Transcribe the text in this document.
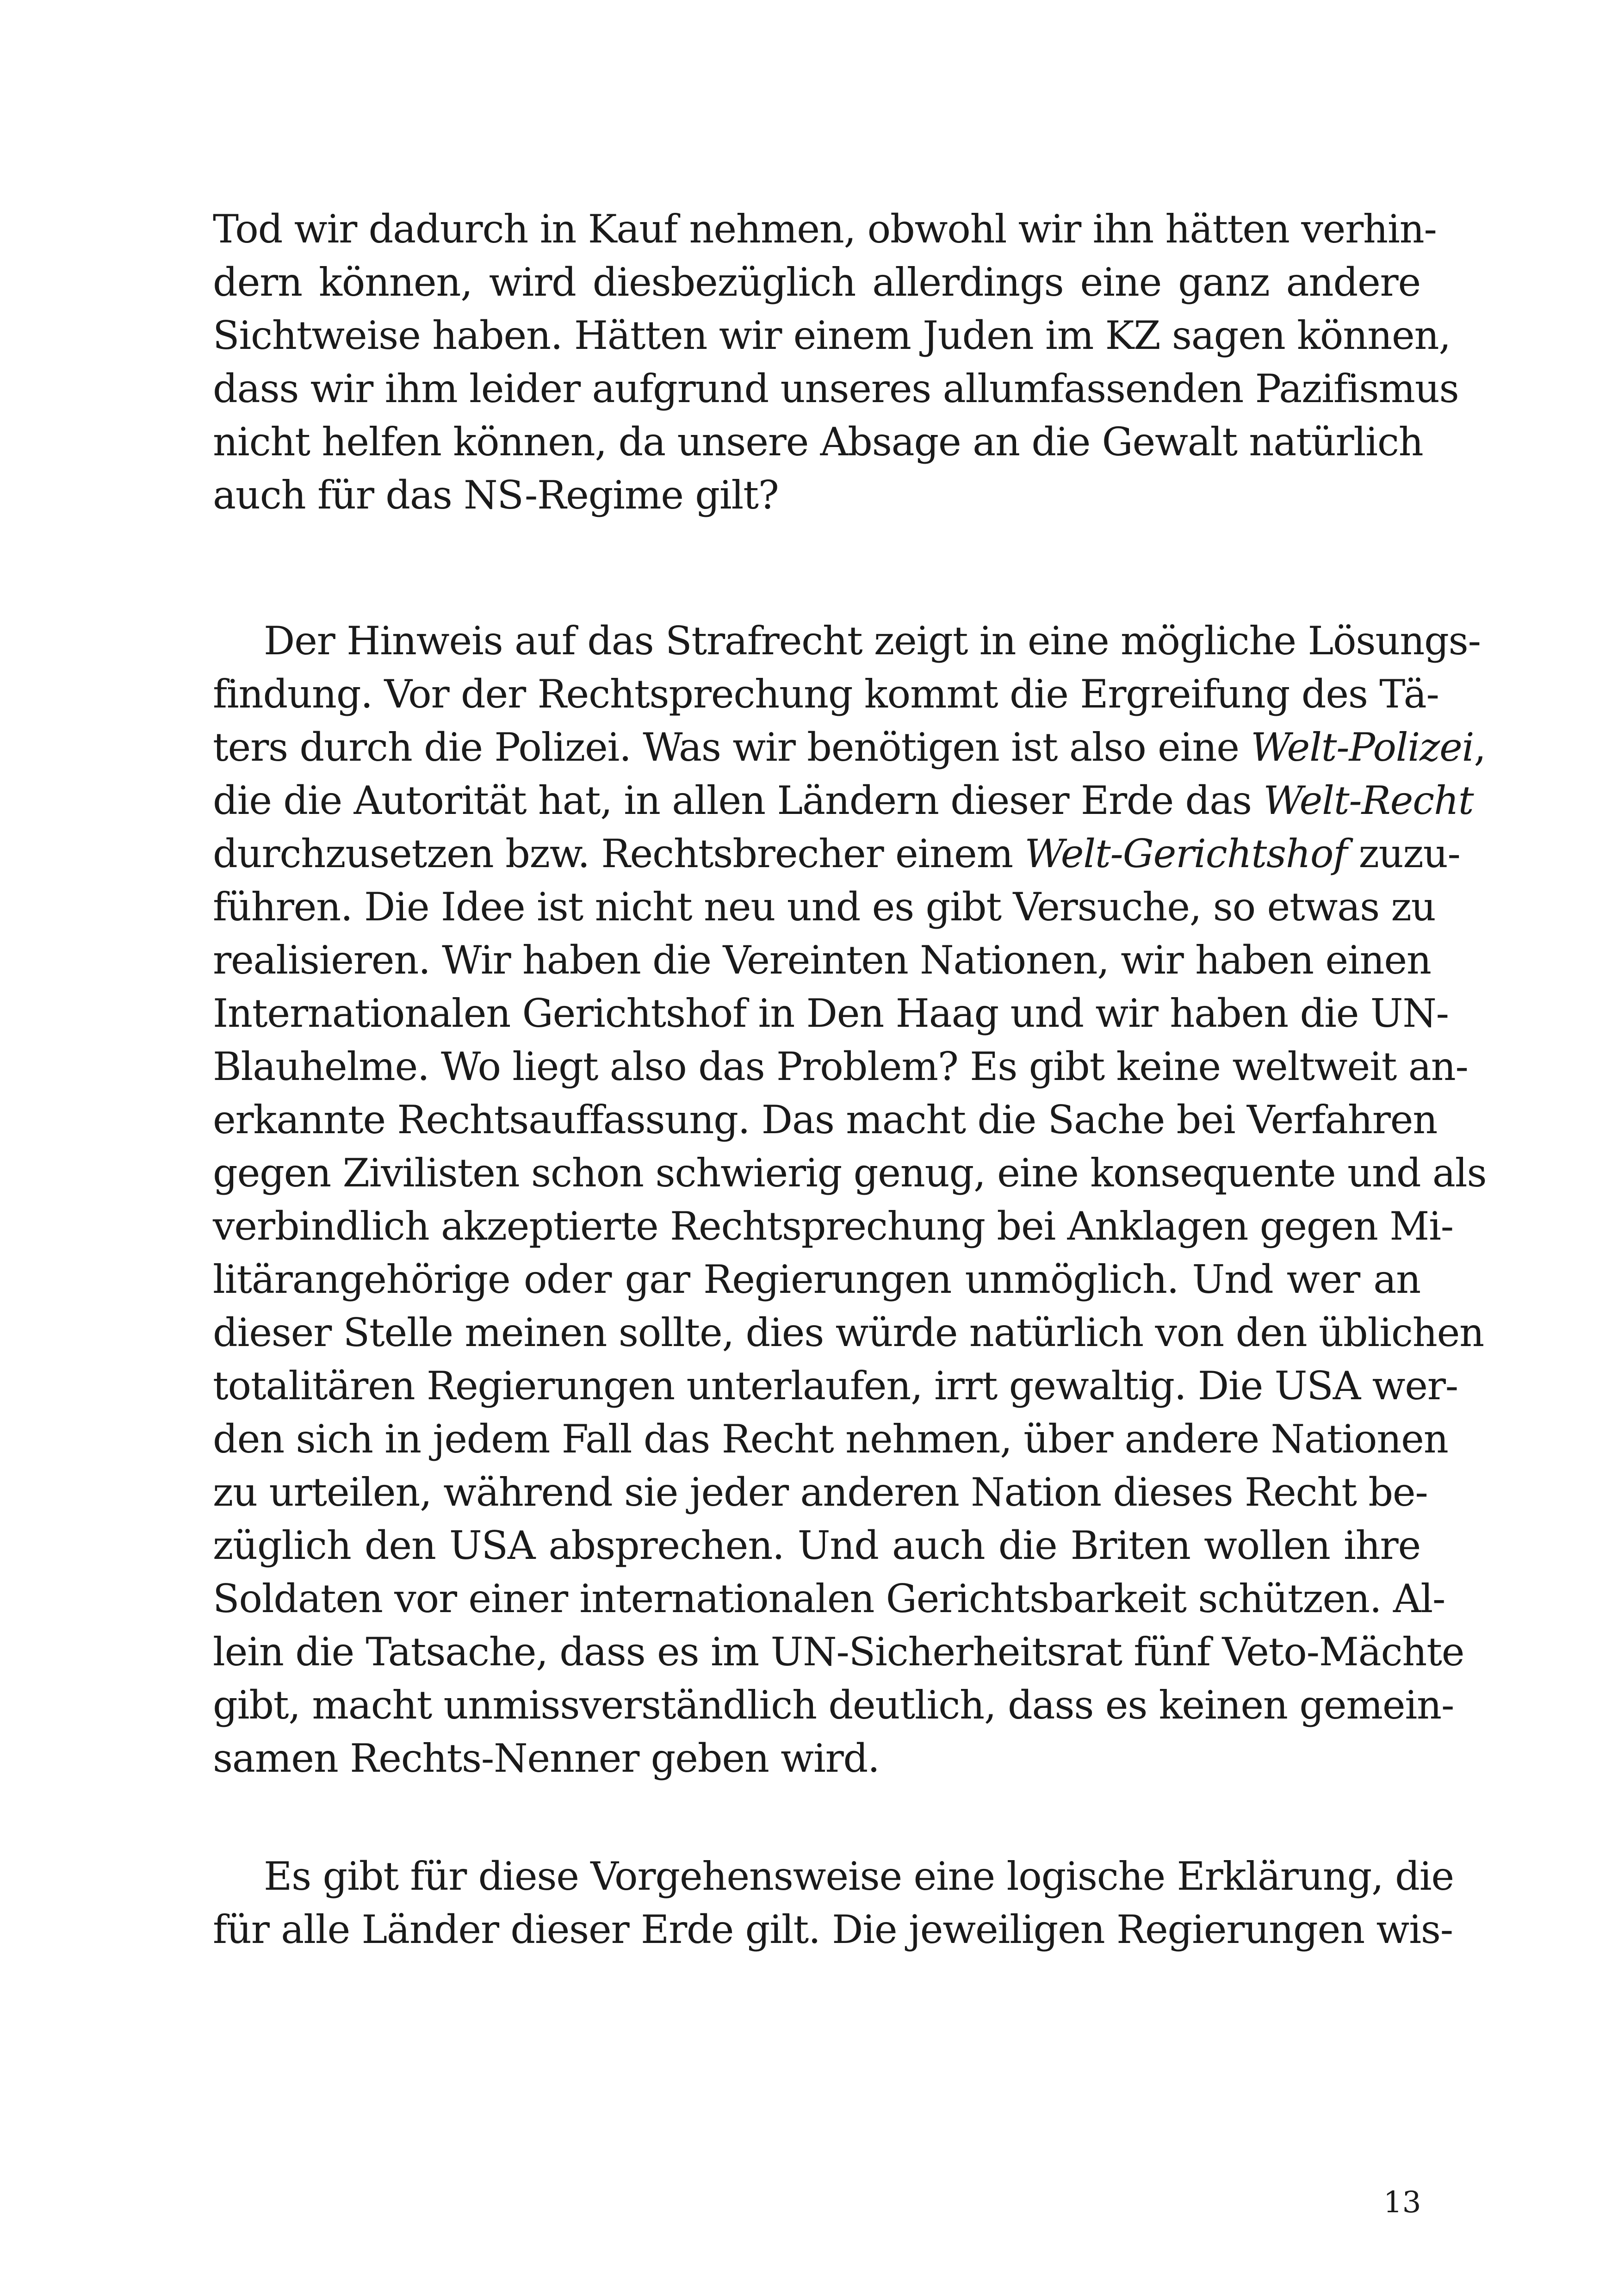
Tod wir dadurch in Kauf nehmen, obwohl wir ihn hätten verhin-
dern können, wird diesbezüglich allerdings eine ganz andere
Sichtweise haben. Hätten wir einem Juden im KZ sagen können,
dass wir ihm leider aufgrund unseres allumfassenden Pazifismus
nicht helfen können, da unsere Absage an die Gewalt natürlich
auch für das NS-Regime gilt?
Der Hinweis auf das Strafrecht zeigt in eine mögliche Lösungs-
findung. Vor der Rechtsprechung kommt die Ergreifung des Tä-
ters durch die Polizei. Was wir benötigen ist also eine Welt-Polizei,
die die Autorität hat, in allen Ländern dieser Erde das Welt-Recht
durchzusetzen bzw. Rechtsbrecher einem Welt-Gerichtshof zuzu-
führen. Die Idee ist nicht neu und es gibt Versuche, so etwas zu
realisieren. Wir haben die Vereinten Nationen, wir haben einen
Internationalen Gerichtshof in Den Haag und wir haben die UN-
Blauhelme. Wo liegt also das Problem? Es gibt keine weltweit an-
erkannte Rechtsauffassung. Das macht die Sache bei Verfahren
gegen Zivilisten schon schwierig genug, eine konsequente und als
verbindlich akzeptierte Rechtsprechung bei Anklagen gegen Mi-
litärangehörige oder gar Regierungen unmöglich. Und wer an
dieser Stelle meinen sollte, dies würde natürlich von den üblichen
totalitären Regierungen unterlaufen, irrt gewaltig. Die USA wer-
den sich in jedem Fall das Recht nehmen, über andere Nationen
zu urteilen, während sie jeder anderen Nation dieses Recht be-
züglich den USA absprechen. Und auch die Briten wollen ihre
Soldaten vor einer internationalen Gerichtsbarkeit schützen. Al-
lein die Tatsache, dass es im UN-Sicherheitsrat fünf Veto-Mächte
gibt, macht unmissverständlich deutlich, dass es keinen gemein-
samen Rechts-Nenner geben wird.
Es gibt für diese Vorgehensweise eine logische Erklärung, die
für alle Länder dieser Erde gilt. Die jeweiligen Regierungen wis-
13
